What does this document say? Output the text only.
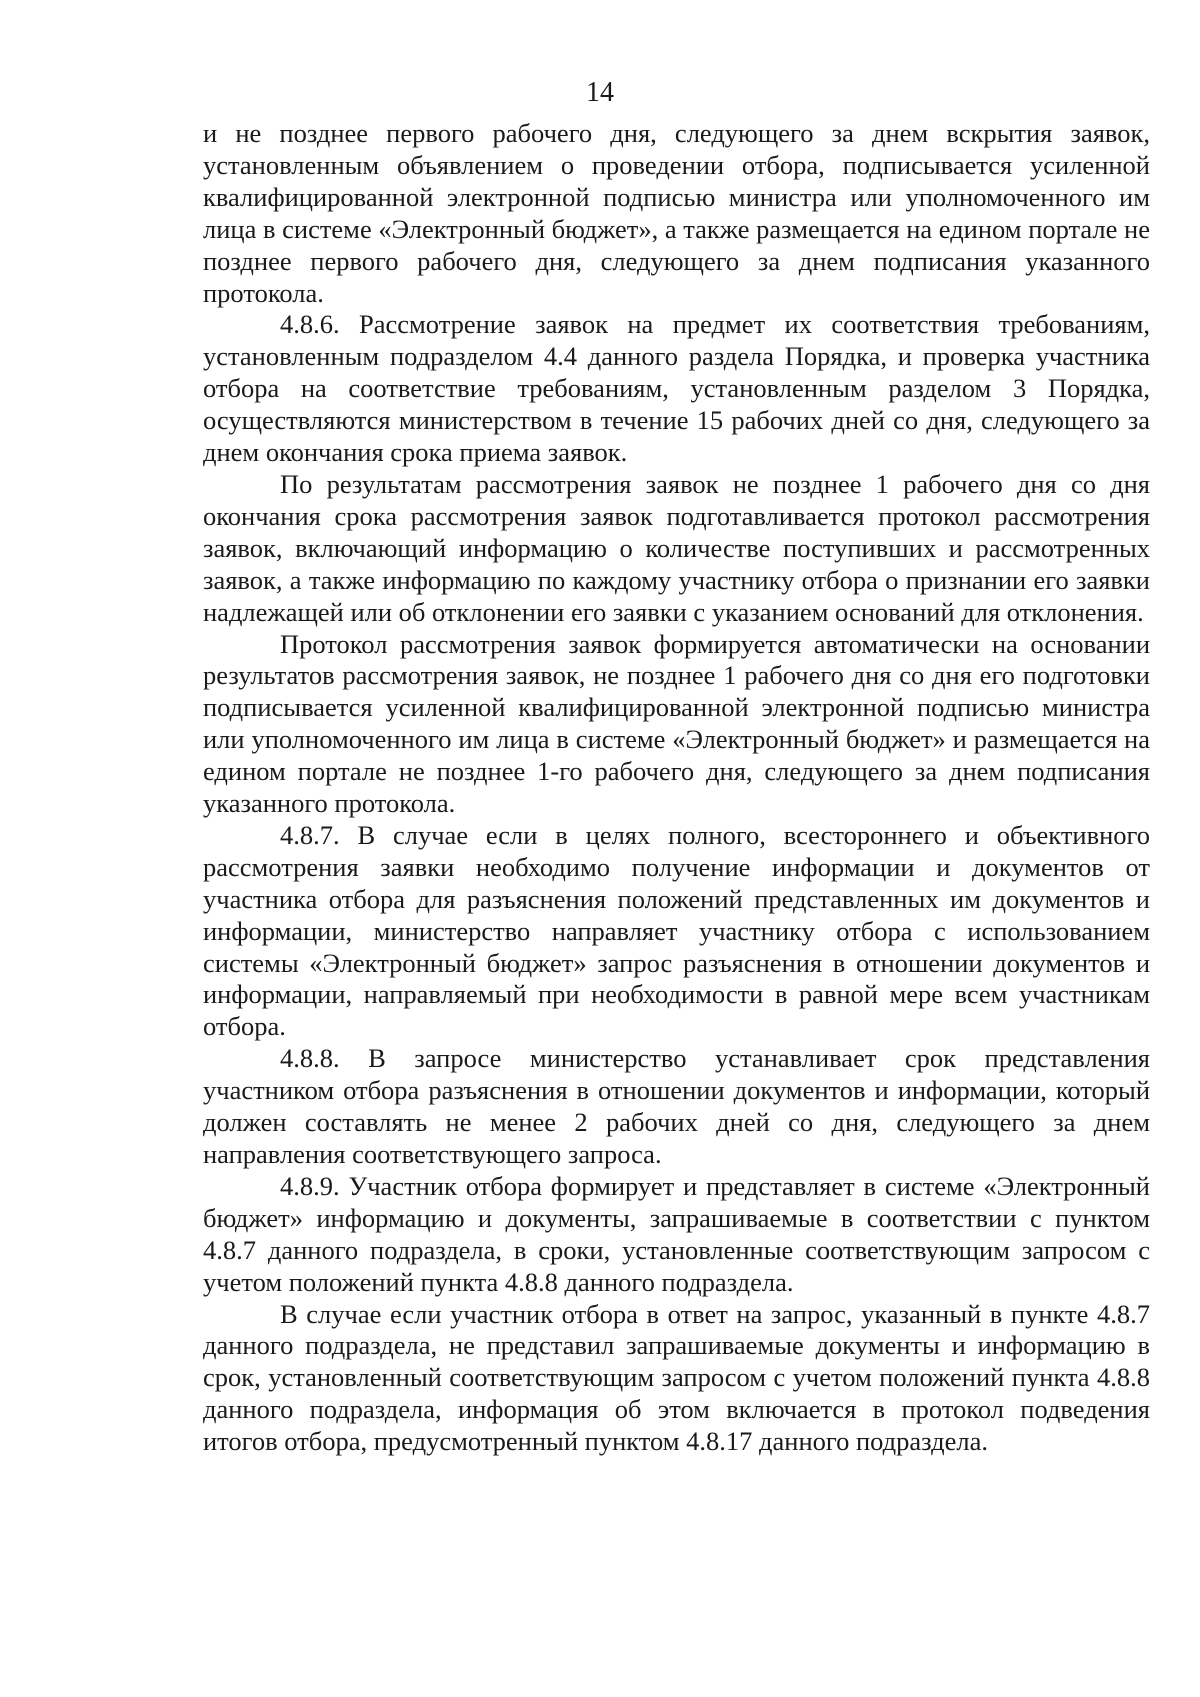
14

и не позднее первого рабочего дня, следующего за днем вскрытия заявок, установленным объявлением о проведении отбора, подписывается усиленной квалифицированной электронной подписью министра или уполномоченного им лица в системе «Электронный бюджет», а также размещается на едином портале не позднее первого рабочего дня, следующего за днем подписания указанного протокола.

4.8.6. Рассмотрение заявок на предмет их соответствия требованиям, установленным подразделом 4.4 данного раздела Порядка, и проверка участника отбора на соответствие требованиям, установленным разделом 3 Порядка, осуществляются министерством в течение 15 рабочих дней со дня, следующего за днем окончания срока приема заявок.

По результатам рассмотрения заявок не позднее 1 рабочего дня со дня окончания срока рассмотрения заявок подготавливается протокол рассмотрения заявок, включающий информацию о количестве поступивших и рассмотренных заявок, а также информацию по каждому участнику отбора о признании его заявки надлежащей или об отклонении его заявки с указанием оснований для отклонения.

Протокол рассмотрения заявок формируется автоматически на основании результатов рассмотрения заявок, не позднее 1 рабочего дня со дня его подготовки подписывается усиленной квалифицированной электронной подписью министра или уполномоченного им лица в системе «Электронный бюджет» и размещается на едином портале не позднее 1-го рабочего дня, следующего за днем подписания указанного протокола.

4.8.7. В случае если в целях полного, всестороннего и объективного рассмотрения заявки необходимо получение информации и документов от участника отбора для разъяснения положений представленных им документов и информации, министерство направляет участнику отбора с использованием системы «Электронный бюджет» запрос разъяснения в отношении документов и информации, направляемый при необходимости в равной мере всем участникам отбора.

4.8.8. В запросе министерство устанавливает срок представления участником отбора разъяснения в отношении документов и информации, который должен составлять не менее 2 рабочих дней со дня, следующего за днем направления соответствующего запроса.

4.8.9. Участник отбора формирует и представляет в системе «Электронный бюджет» информацию и документы, запрашиваемые в соответствии с пунктом 4.8.7 данного подраздела, в сроки, установленные соответствующим запросом с учетом положений пункта 4.8.8 данного подраздела.

В случае если участник отбора в ответ на запрос, указанный в пункте 4.8.7 данного подраздела, не представил запрашиваемые документы и информацию в срок, установленный соответствующим запросом с учетом положений пункта 4.8.8 данного подраздела, информация об этом включается в протокол подведения итогов отбора, предусмотренный пунктом 4.8.17 данного подраздела.
